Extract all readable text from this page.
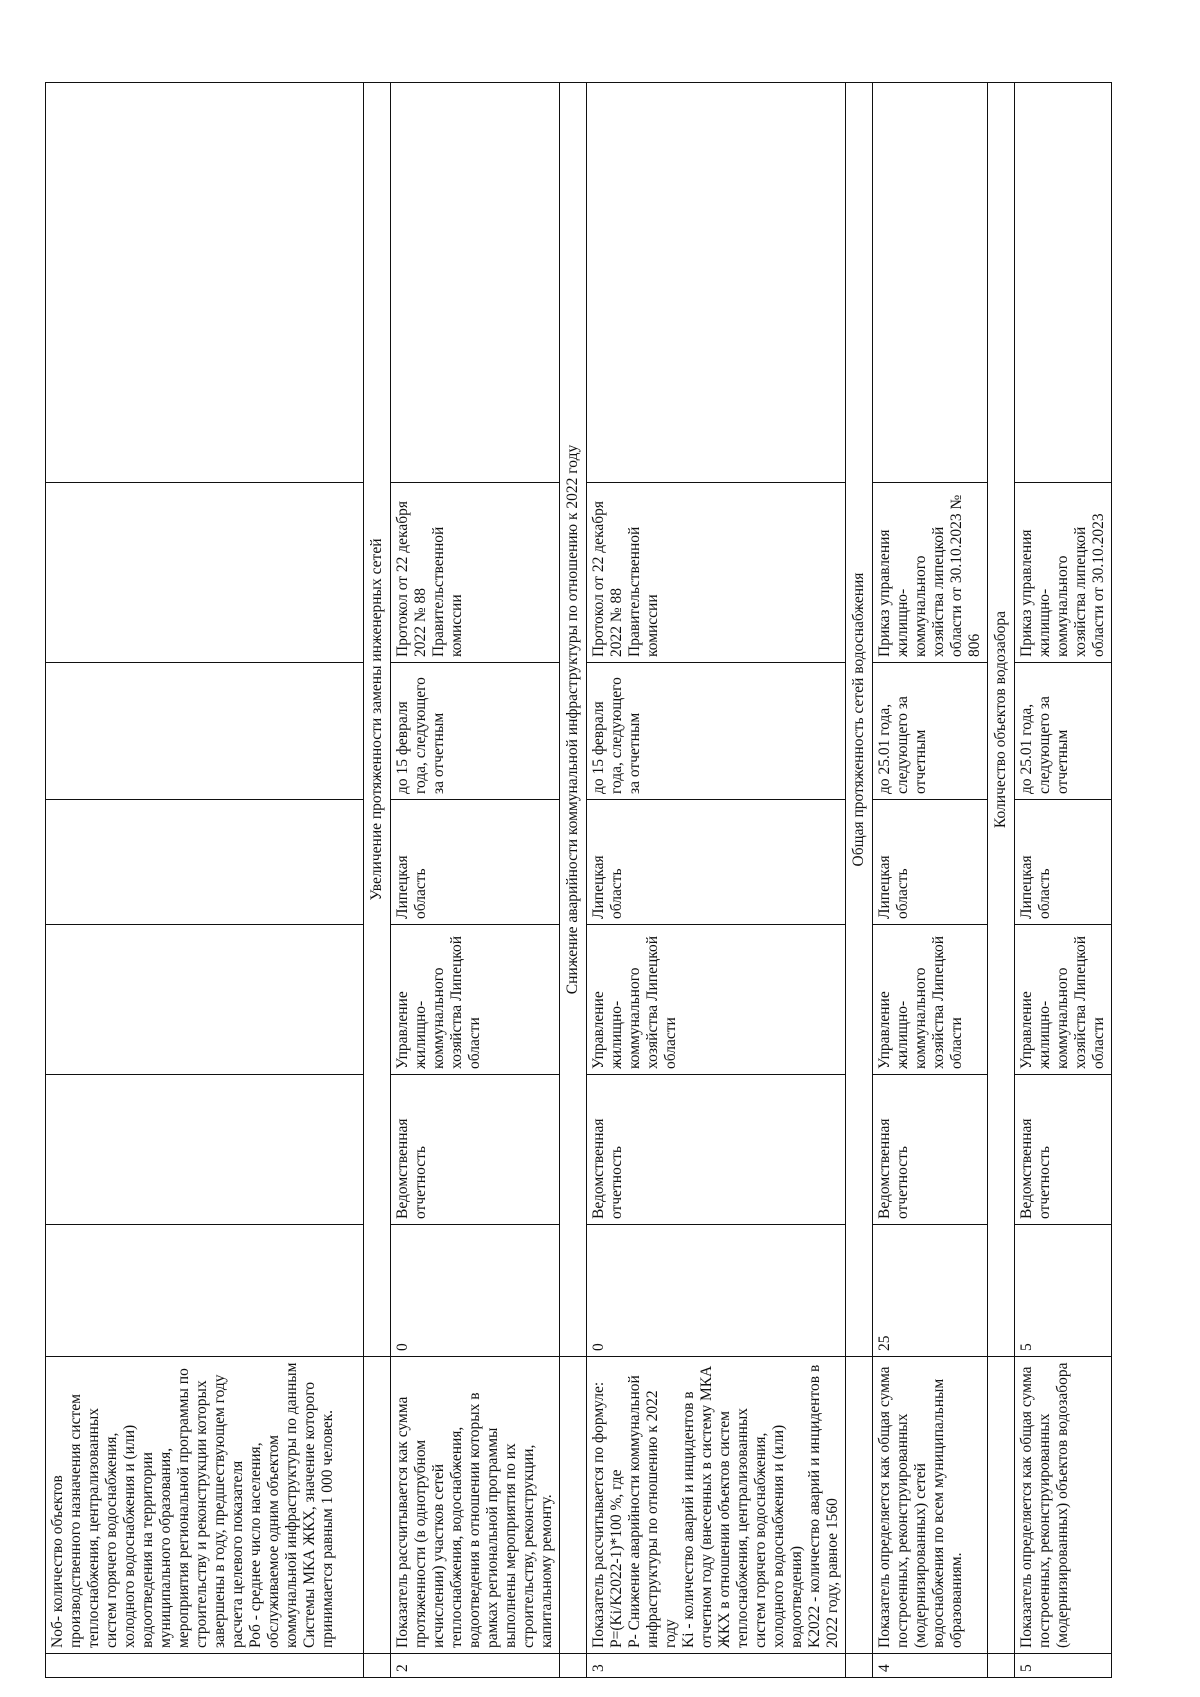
	Nоб- количество объектов производственного назначения систем теплоснабжения, централизованных систем горячего водоснабжения, холодного водоснабжения и (или) водоотведения на территории муниципального образования, мероприятия региональной программы по строительству и реконструкции которых завершены в году, предшествующем году расчета целевого показателя
Роб - среднее число населения, обслуживаемое одним объектом коммунальной инфраструктуры по данным Системы МКА ЖКХ, значение которого принимается равным 1 000 человек.							
		Увеличение протяженности замены инженерных сетей						
2	Показатель рассчитывается как сумма протяженности (в однотрубном исчислении) участков сетей теплоснабжения, водоснабжения, водоотведения в отношении которых в рамках региональной программы выполнены мероприятия по их строительству, реконструкции, капитальному ремонту.	0	Ведомственная отчетность	Управление жилищно-коммунального хозяйства Липецкой области	Липецкая область	до 15 февраля года, следующего за отчетным	Протокол от 22 декабря 2022 № 88 Правительственной комиссии	
		Снижение аварийности коммунальной инфраструктуры по отношению к 2022 году						
3	Показатель рассчитывается по формуле:
P=(Ki/K2022-1)*100 %, где
P- Снижение аварийности коммунальной инфраструктуры по отношению к 2022 году
Ki - количество аварий и инцидентов в отчетном году (внесенных в систему МКА ЖКХ в отношении объектов систем теплоснабжения, централизованных систем горячего водоснабжения, холодного водоснабжения и (или) водоотведения)
K2022 - количество аварий и инцидентов в 2022 году, равное 1560	0	Ведомственная отчетность	Управление жилищно-коммунального хозяйства Липецкой области	Липецкая область	до 15 февраля года, следующего за отчетным	Протокол от 22 декабря 2022 № 88 Правительственной комиссии	
		Общая протяженность сетей водоснабжения						
4	Показатель определяется как общая сумма построенных, реконструированных (модернизированных) сетей водоснабжения по всем муниципальным образованиям.	25	Ведомственная отчетность	Управление жилищно-коммунального хозяйства Липецкой области	Липецкая область	до 25.01 года, следующего за отчетным	Приказ управления жилищно-коммунального хозяйства липецкой области от 30.10.2023 № 806	
		Количество объектов водозабора						
5	Показатель определяется как общая сумма построенных, реконструированных (модернизированных) объектов водозабора	5	Ведомственная отчетность	Управление жилищно-коммунального хозяйства Липецкой области	Липецкая область	до 25.01 года, следующего за отчетным	Приказ управления жилищно-коммунального хозяйства липецкой области от 30.10.2023	
